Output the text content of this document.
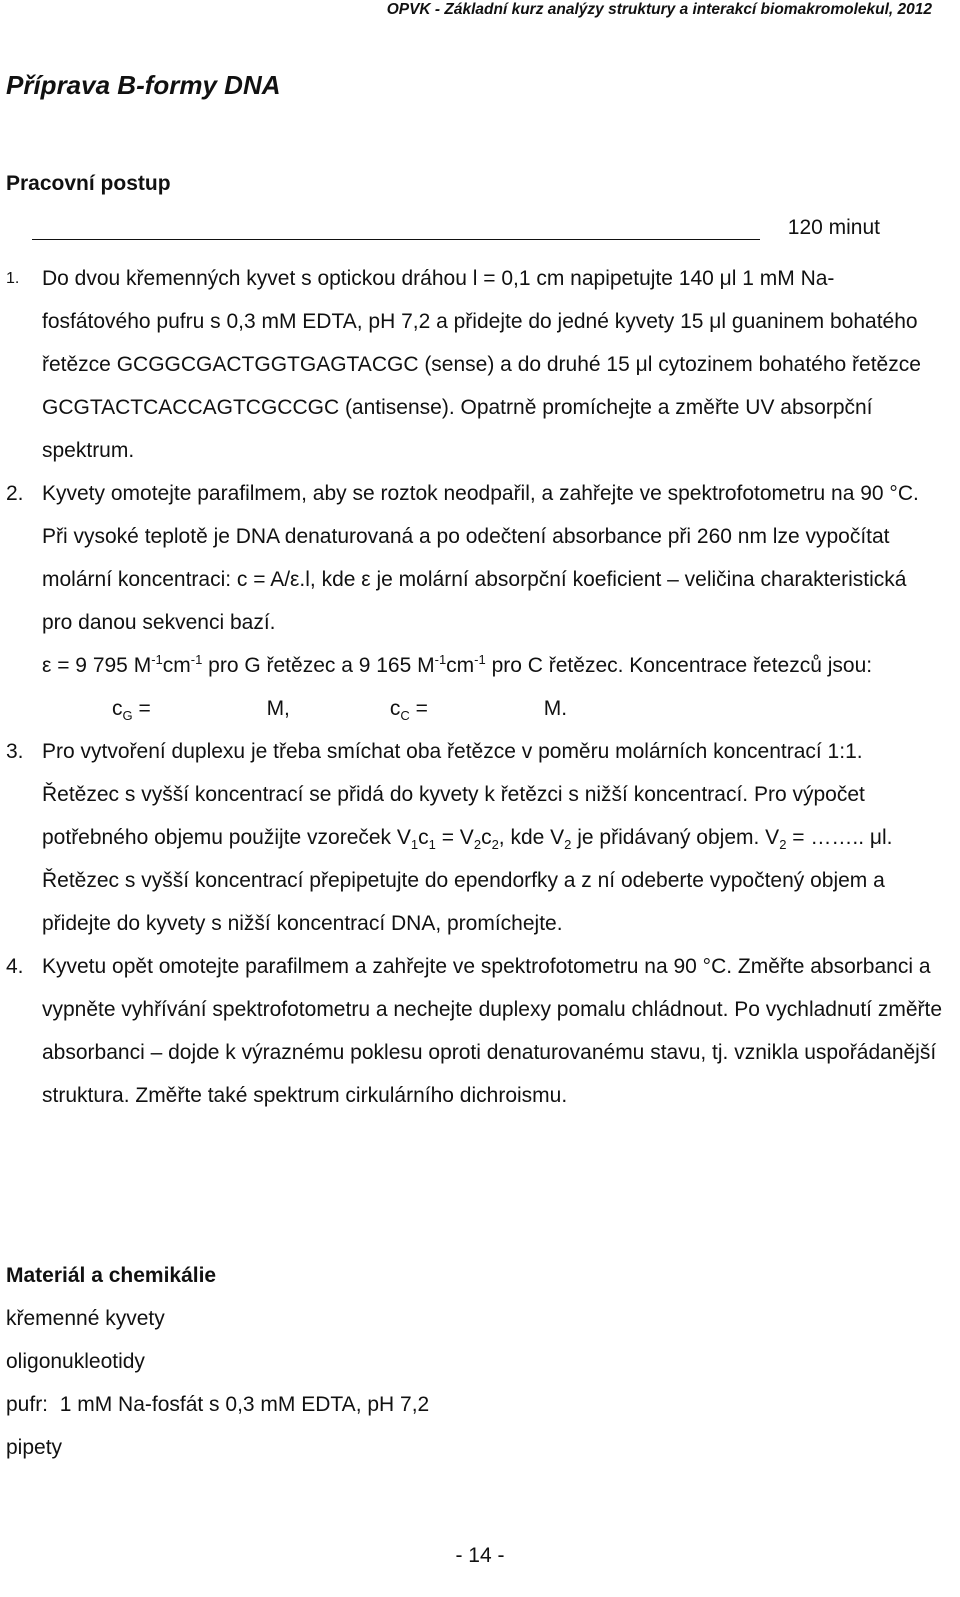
OPVK - Základní kurz analýzy struktury a interakcí biomakromolekul, 2012
Příprava B-formy DNA
Pracovní postup
120 minut
1. Do dvou křemenných kyvet s optickou dráhou l = 0,1 cm napipetujte 140 μl 1 mM Na-fosfátového pufru s 0,3 mM EDTA, pH 7,2 a přidejte do jedné kyvety 15 μl guaninem bohatého řetězce GCGGCGACTGGTGAGTACGC (sense) a do druhé 15 μl cytozinem bohatého řetězce GCGTACTCACCAGTCGCCGC (antisense). Opatrně promíchejte a změřte UV absorpční spektrum.
2. Kyvety omotejte parafilmem, aby se roztok neodpařil, a zahřejte ve spektrofotometru na 90 °C. Při vysoké teplotě je DNA denaturovaná a po odečtení absorbance při 260 nm lze vypočítat molární koncentraci: c = A/ε.l, kde ε je molární absorpční koeficient – veličina charakteristická pro danou sekvenci bazí.
ε = 9 795 $M^{-1}cm^{-1}$ pro G řetězec a 9 165 $M^{-1}cm^{-1}$ pro C řetězec. Koncentrace řetezců $jsou:c_G$ =	M,	$c_C$ =	M.
3. Pro vytvoření duplexu je třeba smíchat oba řetězce v poměru molárních koncentrací 1:1. Řetězec s vyšší koncentrací se přidá do kyvety k řetězci s nižší koncentrací. Pro výpočet potřebného objemu použijte vzoreček $V_1c_1 = V_2c_2$, kde $V_2$ je přidávaný objem. $V_2$ = …….. μl.
Řetězec s vyšší koncentrací přepipetujte do ependorfky a z ní odeberte vypočtený objem a přidejte do kyvety s nižší koncentrací DNA, promíchejte.
4. Kyvetu opět omotejte parafilmem a zahřejte ve spektrofotometru na 90 °C. Změřte absorbanci a vypněte vyhřívání spektrofotometru a nechejte duplexy pomalu chládnout. Po vychladnutí změřte absorbanci – dojde k výraznému poklesu oproti denaturovanému stavu, tj. vznikla uspořádanější struktura. Změřte také spektrum cirkulárního dichroismu.
Materiál a chemikálie
křemenné kyvety
oligonukleotidy
pufr:  1 mM Na-fosfát s 0,3 mM EDTA, pH 7,2
pipety
- 14 -
